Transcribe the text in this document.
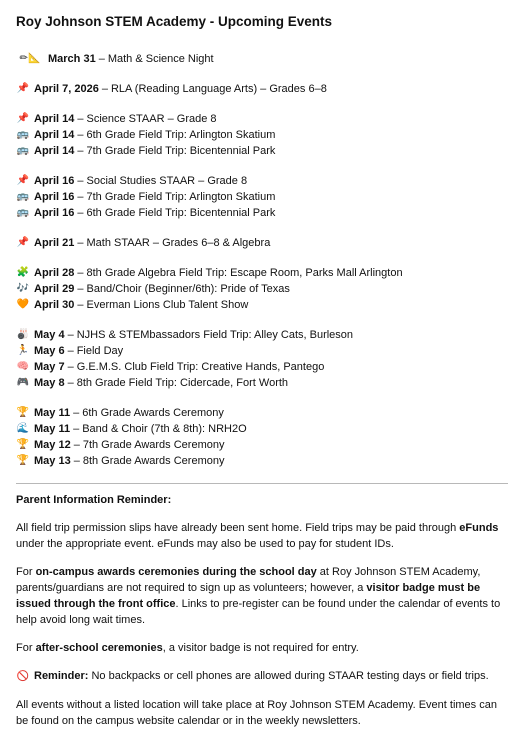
Roy Johnson STEM Academy - Upcoming Events
✏📐 March 31 – Math & Science Night
📌 April 7, 2026 – RLA (Reading Language Arts) – Grades 6–8
📌 April 14 – Science STAAR – Grade 8
🚌 April 14 – 6th Grade Field Trip: Arlington Skatium
🚌 April 14 – 7th Grade Field Trip: Bicentennial Park
📌 April 16 – Social Studies STAAR – Grade 8
🚌 April 16 – 7th Grade Field Trip: Arlington Skatium
🚌 April 16 – 6th Grade Field Trip: Bicentennial Park
📌 April 21 – Math STAAR – Grades 6–8 & Algebra
🧩 April 28 – 8th Grade Algebra Field Trip: Escape Room, Parks Mall Arlington
🎶 April 29 – Band/Choir (Beginner/6th): Pride of Texas
🧡 April 30 – Everman Lions Club Talent Show
🎳 May 4 – NJHS & STEMbassadors Field Trip: Alley Cats, Burleson
🏃 May 6 – Field Day
🧠 May 7 – G.E.M.S. Club Field Trip: Creative Hands, Pantego
🎮 May 8 – 8th Grade Field Trip: Cidercade, Fort Worth
🏆 May 11 – 6th Grade Awards Ceremony
🌊 May 11 – Band & Choir (7th & 8th): NRH2O
🏆 May 12 – 7th Grade Awards Ceremony
🏆 May 13 – 8th Grade Awards Ceremony
Parent Information Reminder:

All field trip permission slips have already been sent home. Field trips may be paid through eFunds under the appropriate event. eFunds may also be used to pay for student IDs.

For on-campus awards ceremonies during the school day at Roy Johnson STEM Academy, parents/guardians are not required to sign up as volunteers; however, a visitor badge must be issued through the front office. Links to pre-register can be found under the calendar of events to help avoid long wait times.

For after-school ceremonies, a visitor badge is not required for entry.

🚫 Reminder: No backpacks or cell phones are allowed during STAAR testing days or field trips.

All events without a listed location will take place at Roy Johnson STEM Academy. Event times can be found on the campus website calendar or in the weekly newsletters.
